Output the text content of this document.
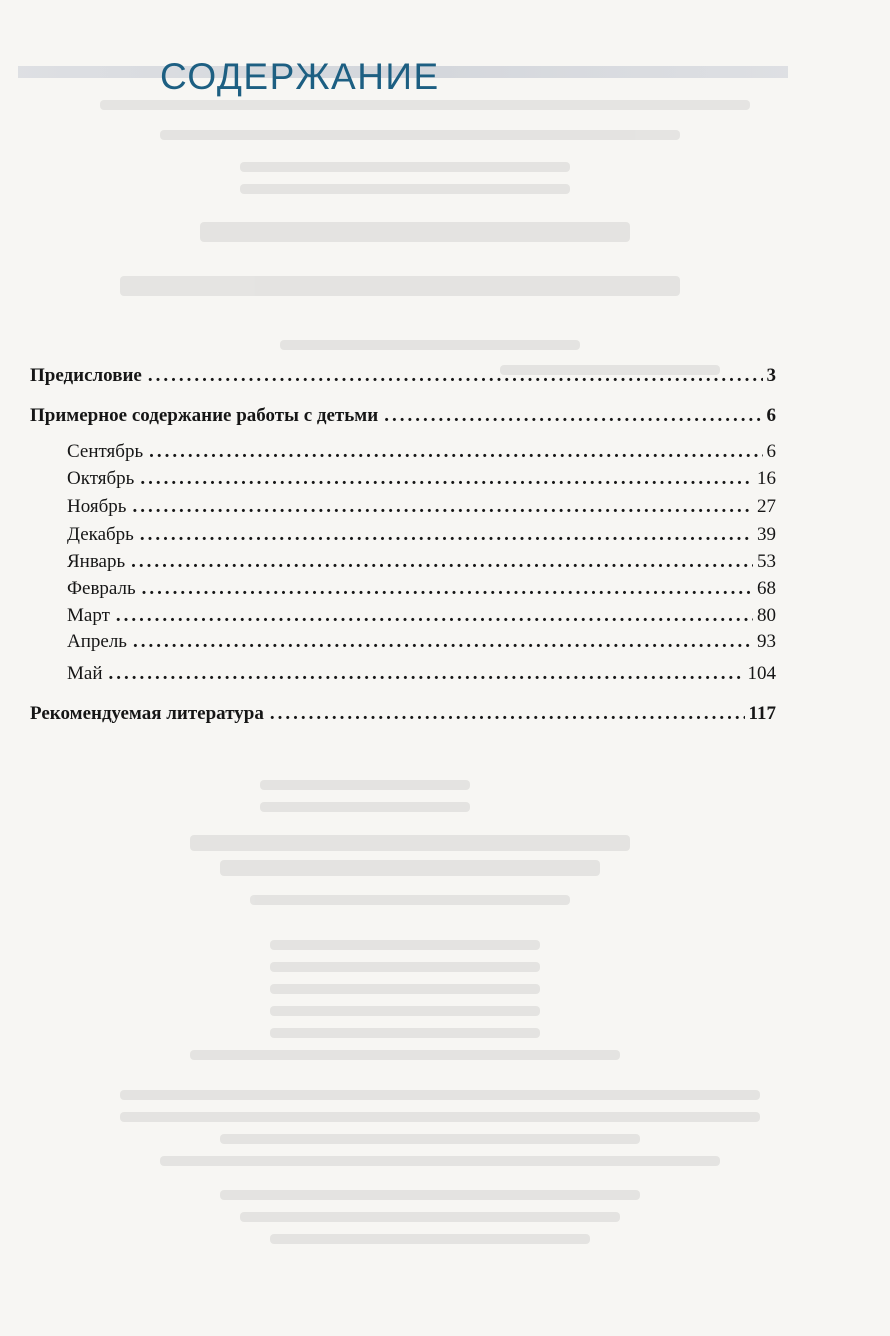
СОДЕРЖАНИЕ
Предисловие .....	3
Примерное содержание работы с детьми .....	6
Сентябрь .....	6
Октябрь .....	16
Ноябрь .....	27
Декабрь .....	39
Январь .....	53
Февраль .....	68
Март .....	80
Апрель .....	93
Май .....	104
Рекомендуемая литература .....	117
